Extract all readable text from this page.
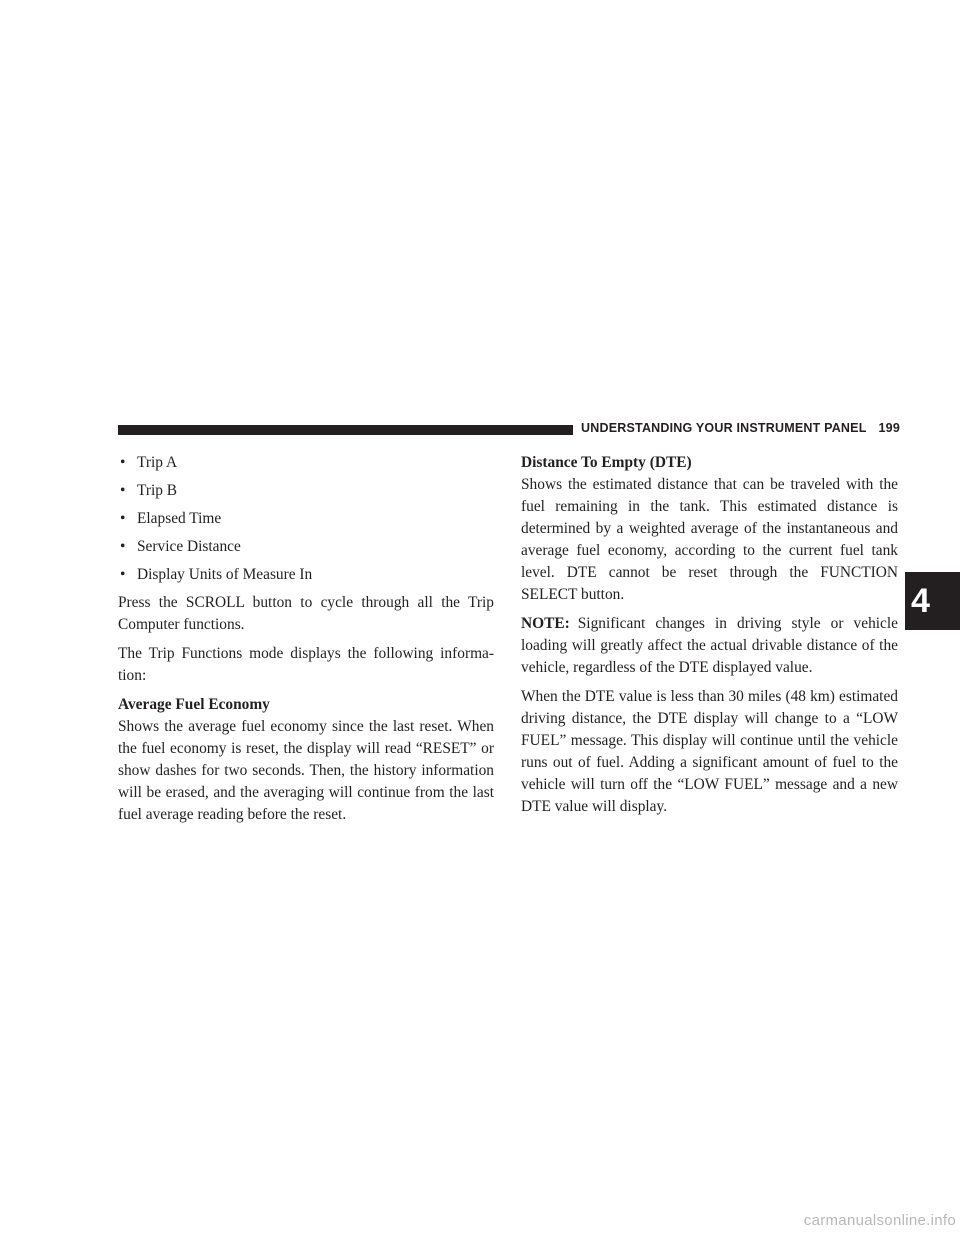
UNDERSTANDING YOUR INSTRUMENT PANEL 199
4
• Trip A
• Trip B
• Elapsed Time
• Service Distance
• Display Units of Measure In

Press the SCROLL button to cycle through all the Trip Computer functions.

The Trip Functions mode displays the following informa-tion:

Average Fuel Economy

Shows the average fuel economy since the last reset. When the fuel economy is reset, the display will read “RESET” or show dashes for two seconds. Then, the history information will be erased, and the averaging will continue from the last fuel average reading before the reset.

Distance To Empty (DTE)

Shows the estimated distance that can be traveled with the fuel remaining in the tank. This estimated distance is determined by a weighted average of the instantaneous and average fuel economy, according to the current fuel tank level. DTE cannot be reset through the FUNCTION SELECT button.

NOTE: Significant changes in driving style or vehicle loading will greatly affect the actual drivable distance of the vehicle, regardless of the DTE displayed value.

When the DTE value is less than 30 miles (48 km) estimated driving distance, the DTE display will change to a “LOW FUEL” message. This display will continue until the vehicle runs out of fuel. Adding a significant amount of fuel to the vehicle will turn off the “LOW FUEL” message and a new DTE value will display.

carmanualsonline.info
